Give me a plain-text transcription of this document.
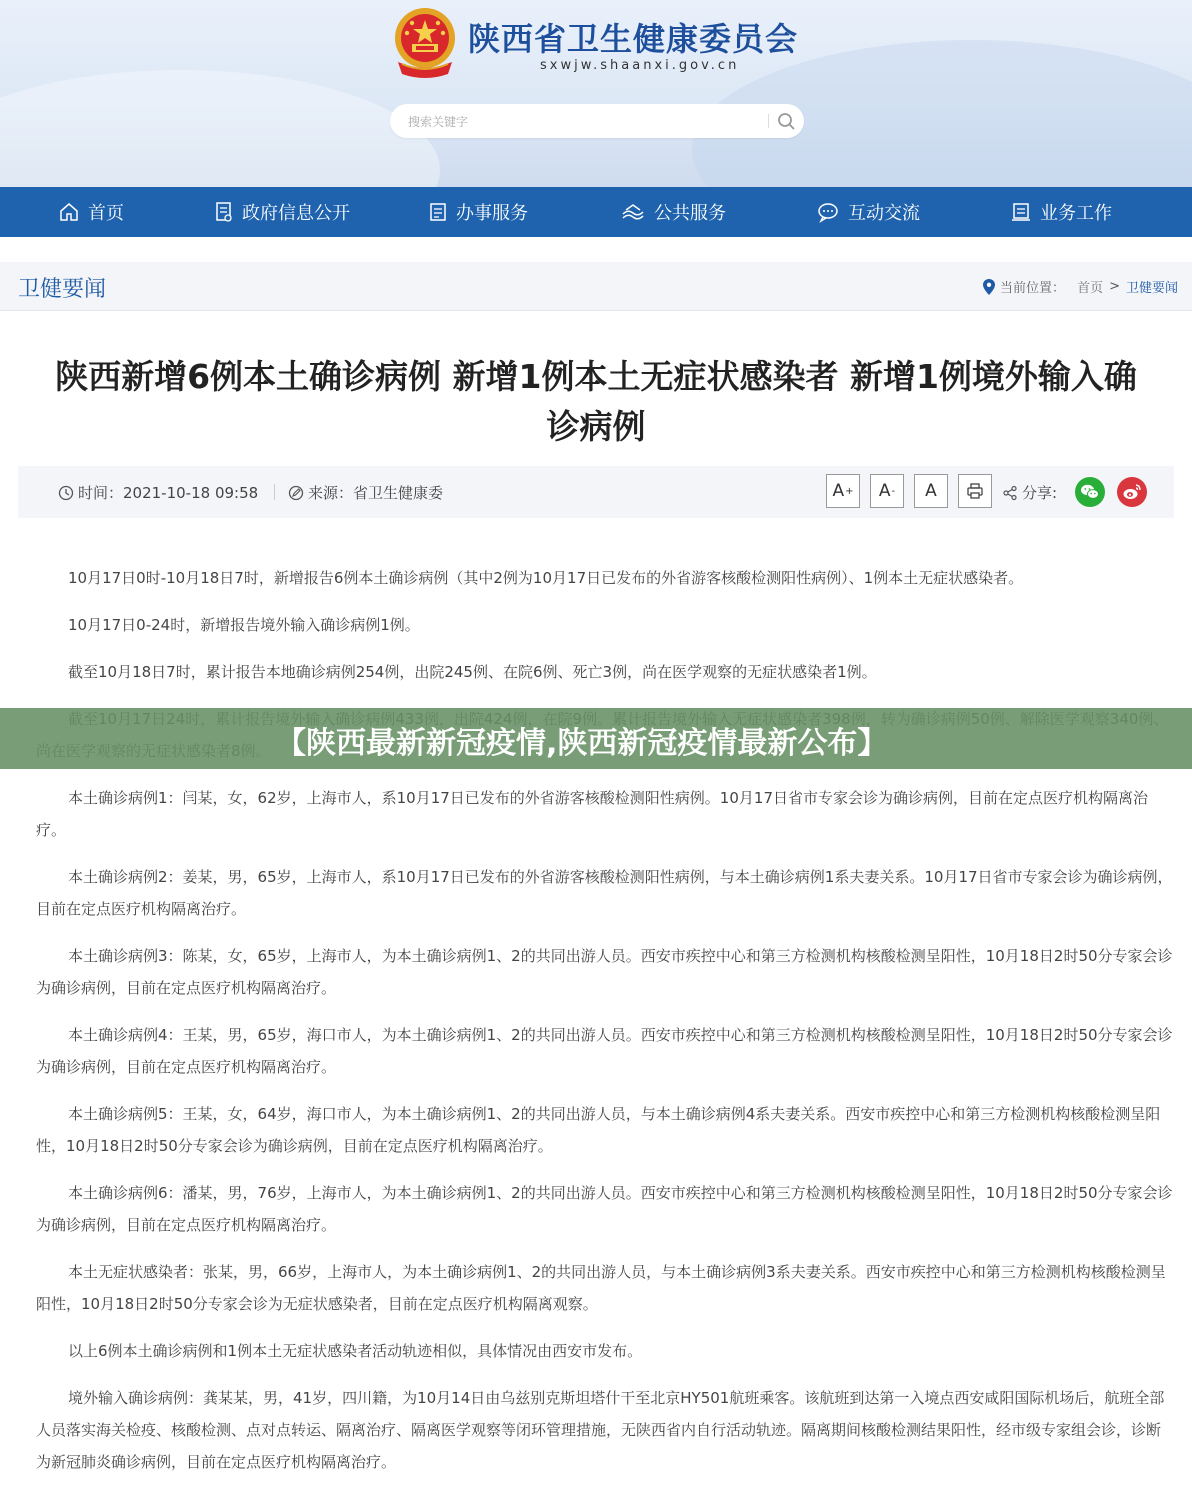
陕西省卫生健康委员会
sxwjw.shaanxi.gov.cn
搜索关键字
首页	政府信息公开	办事服务	公共服务	互动交流	业务工作
卫健要闻	当前位置： 首页 > 卫健要闻
陕西新增6例本土确诊病例 新增1例本土无症状感染者 新增1例境外输入确诊病例
时间：2021-10-18 09:58	来源：省卫生健康委	A + A - A	分享:

10月17日0时-10月18日7时，新增报告6例本土确诊病例（其中2例为10月17日已发布的外省游客核酸检测阳性病例）、1例本土无症状感染者。

10月17日0-24时，新增报告境外输入确诊病例1例。

截至10月18日7时，累计报告本地确诊病例254例，出院245例、在院6例、死亡3例，尚在医学观察的无症状感染者1例。

本土确诊病例1：闫某，女，62岁，上海市人，系10月17日已发布的外省游客核酸检测阳性病例。10月17日省市专家会诊为确诊病例，目前在定点医疗机构隔离治疗。

本土确诊病例2：姜某，男，65岁，上海市人，系10月17日已发布的外省游客核酸检测阳性病例，与本土确诊病例1系夫妻关系。10月17日省市专家会诊为确诊病例，目前在定点医疗机构隔离治疗。

本土确诊病例3：陈某，女，65岁，上海市人，为本土确诊病例1、2的共同出游人员。西安市疾控中心和第三方检测机构核酸检测呈阳性，10月18日2时50分专家会诊为确诊病例，目前在定点医疗机构隔离治疗。

本土确诊病例4：王某，男，65岁，海口市人，为本土确诊病例1、2的共同出游人员。西安市疾控中心和第三方检测机构核酸检测呈阳性，10月18日2时50分专家会诊为确诊病例，目前在定点医疗机构隔离治疗。

本土确诊病例5：王某，女，64岁，海口市人，为本土确诊病例1、2的共同出游人员，与本土确诊病例4系夫妻关系。西安市疾控中心和第三方检测机构核酸检测呈阳性，10月18日2时50分专家会诊为确诊病例，目前在定点医疗机构隔离治疗。

本土确诊病例6：潘某，男，76岁，上海市人，为本土确诊病例1、2的共同出游人员。西安市疾控中心和第三方检测机构核酸检测呈阳性，10月18日2时50分专家会诊为确诊病例，目前在定点医疗机构隔离治疗。

本土无症状感染者：张某，男，66岁，上海市人，为本土确诊病例1、2的共同出游人员，与本土确诊病例3系夫妻关系。西安市疾控中心和第三方检测机构核酸检测呈阳性，10月18日2时50分专家会诊为无症状感染者，目前在定点医疗机构隔离观察。

以上6例本土确诊病例和1例本土无症状感染者活动轨迹相似，具体情况由西安市发布。

境外输入确诊病例：龚某某，男，41岁，四川籍，为10月14日由乌兹别克斯坦塔什干至北京HY501航班乘客。该航班到达第一入境点西安咸阳国际机场后，航班全部人员落实海关检疫、核酸检测、点对点转运、隔离治疗、隔离医学观察等闭环管理措施，无陕西省内自行活动轨迹。隔离期间核酸检测结果阳性，经市级专家组会诊，诊断为新冠肺炎确诊病例，目前在定点医疗机构隔离治疗。

【陕西最新新冠疫情,陕西新冠疫情最新公布】
